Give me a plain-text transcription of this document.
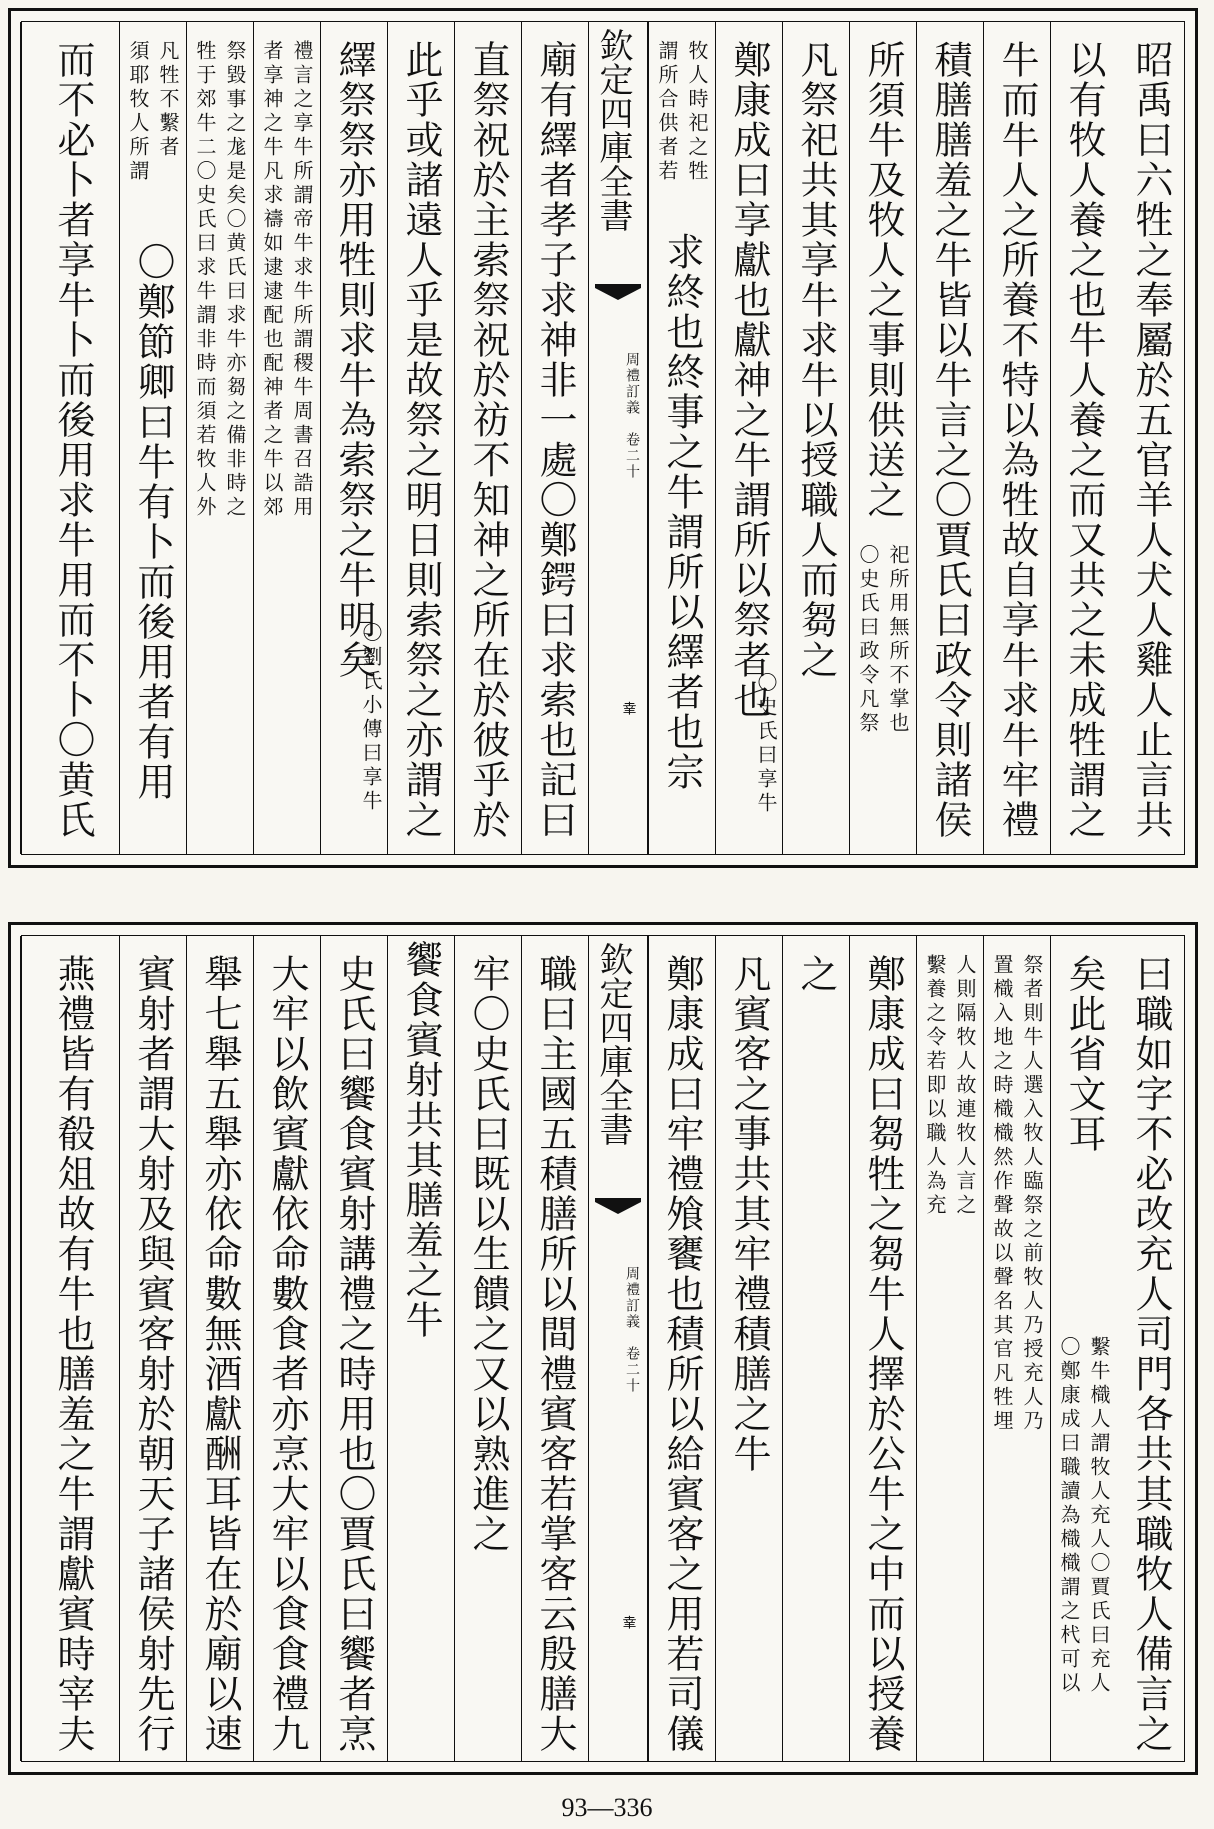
昭禹曰六牲之奉屬於五官羊人犬人雞人止言共
以有牧人養之也牛人養之而又共之未成牲謂之
牛而牛人之所養不特以為牲故自享牛求牛牢禮
積膳膳羞之牛皆以牛言之〇賈氏曰政令則諸侯
所須牛及牧人之事則供送之
〇史氏曰政令凡祭 祀所用無所不掌也
凡祭祀共其享牛求牛以授職人而芻之
鄭康成曰享獻也獻神之牛謂所以祭者也
〇史氏曰享牛
謂所合供者若 牧人時祀之牲
求終也終事之牛謂所以繹者也宗
欽定四庫全書
周禮訂義　卷二十
𦍒
廟有繹者孝子求神非一處〇鄭鍔曰求索也記曰
直祭祝於主索祭祝於祊不知神之所在於彼乎於
此乎或諸遠人乎是故祭之明日則索祭之亦謂之
繹祭祭亦用牲則求牛為索祭之牛明矣
〇劉氏小傳曰享牛
者享神之牛凡求禱如逮逮配也配神者之牛以郊 禮言之享牛所謂帝牛求牛所謂稷牛周書召誥用
牲于郊牛二〇史氏曰求牛謂非時而須若牧人外 祭毀事之尨是矣〇黄氏曰求牛亦芻之備非時之
須耶牧人所謂 凡牲不繫者
〇鄭節卿曰牛有卜而後用者有用
而不必卜者享牛卜而後用求牛用而不卜〇黄氏
曰職如字不必改充人司門各共其職牧人備言之
矣此省文耳
〇鄭康成曰職讀為樴樴謂之杙可以 繫牛樴人謂牧人充人〇賈氏曰充人
置樴入地之時樴樴然作聲故以聲名其官凡牲埋 祭者則牛人選入牧人臨祭之前牧人乃授充人乃
繫養之令若即以職人為充 人則隔牧人故連牧人言之
鄭康成曰芻牲之芻牛人擇於公牛之中而以授養
之
凡賓客之事共其牢禮積膳之牛
鄭康成曰牢禮飧饔也積所以給賓客之用若司儀
欽定四庫全書
周禮訂義　卷二十
𦍒
職曰主國五積膳所以間禮賓客若掌客云殷膳大
牢〇史氏曰既以生饋之又以熟進之
饗食賓射共其膳羞之牛
史氏曰饗食賓射講禮之時用也〇賈氏曰饗者烹
大牢以飲賓獻依命數食者亦烹大牢以食食禮九
舉七舉五舉亦依命數無酒獻酬耳皆在於廟以速
賓射者謂大射及與賓客射於朝天子諸侯射先行
燕禮皆有殽俎故有牛也膳羞之牛謂獻賓時宰夫
93—336
